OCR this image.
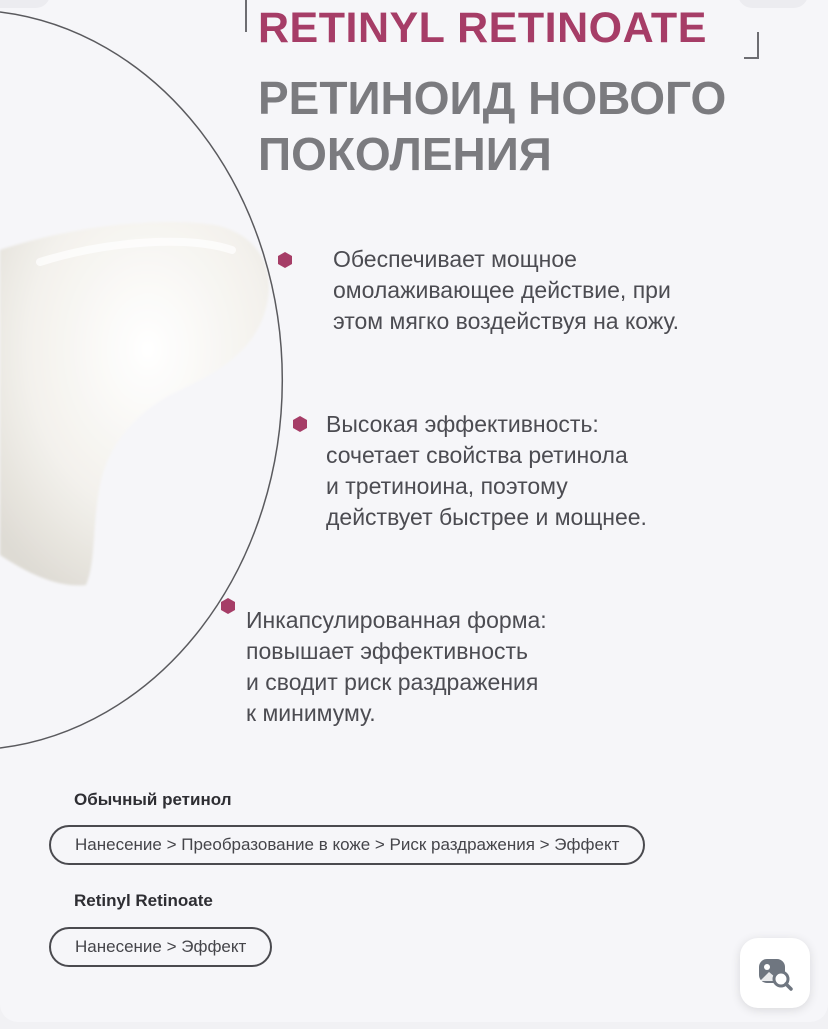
RETINYL RETINOATE
РЕТИНОИД НОВОГО
ПОКОЛЕНИЯ
Обеспечивает мощное
омолаживающее действие, при
этом мягко воздействуя на кожу.
Высокая эффективность:
сочетает свойства ретинола
и третиноина, поэтому
действует быстрее и мощнее.
Инкапсулированная форма:
повышает эффективность
и сводит риск раздражения
к минимуму.
Обычный ретинол
Нанесение > Преобразование в коже > Риск раздражения > Эффект
Retinyl Retinoate
Нанесение > Эффект
